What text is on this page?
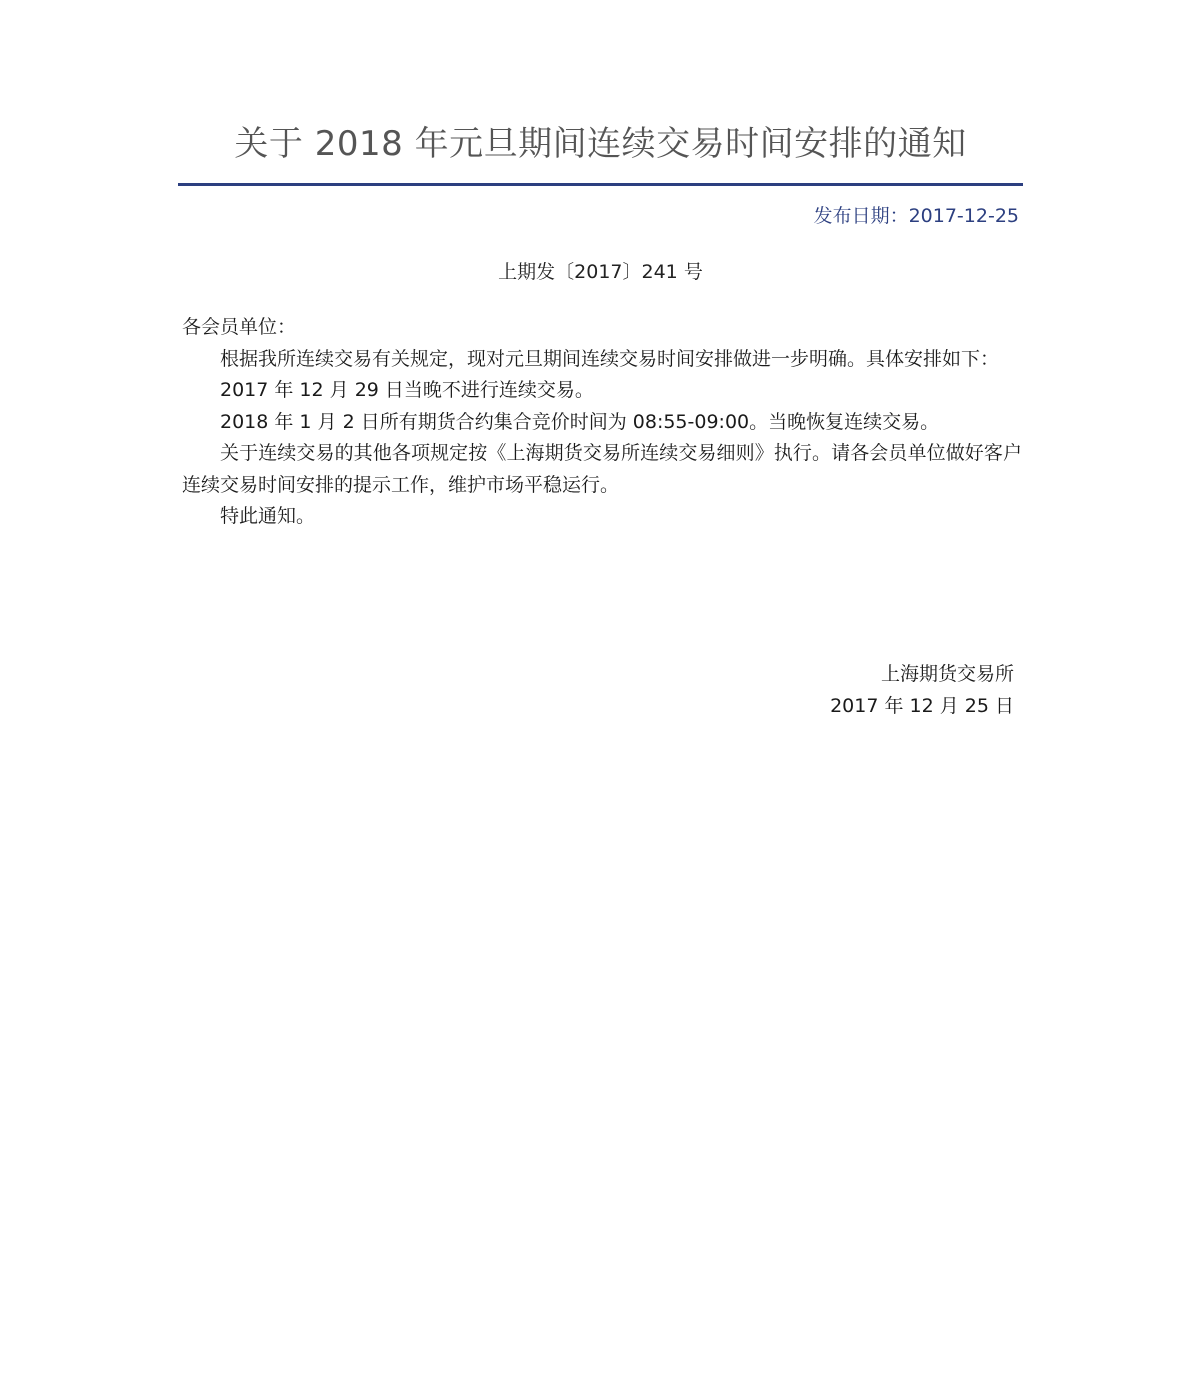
关于 2018 年元旦期间连续交易时间安排的通知
发布日期：2017-12-25
上期发〔2017〕241 号

各会员单位：

根据我所连续交易有关规定，现对元旦期间连续交易时间安排做进一步明确。具体安排如下：

2017 年 12 月 29 日当晚不进行连续交易。

2018 年 1 月 2 日所有期货合约集合竞价时间为 08:55-09:00。当晚恢复连续交易。

关于连续交易的其他各项规定按《上海期货交易所连续交易细则》执行。请各会员单位做好客户连续交易时间安排的提示工作，维护市场平稳运行。

特此通知。

上海期货交易所
2017 年 12 月 25 日
